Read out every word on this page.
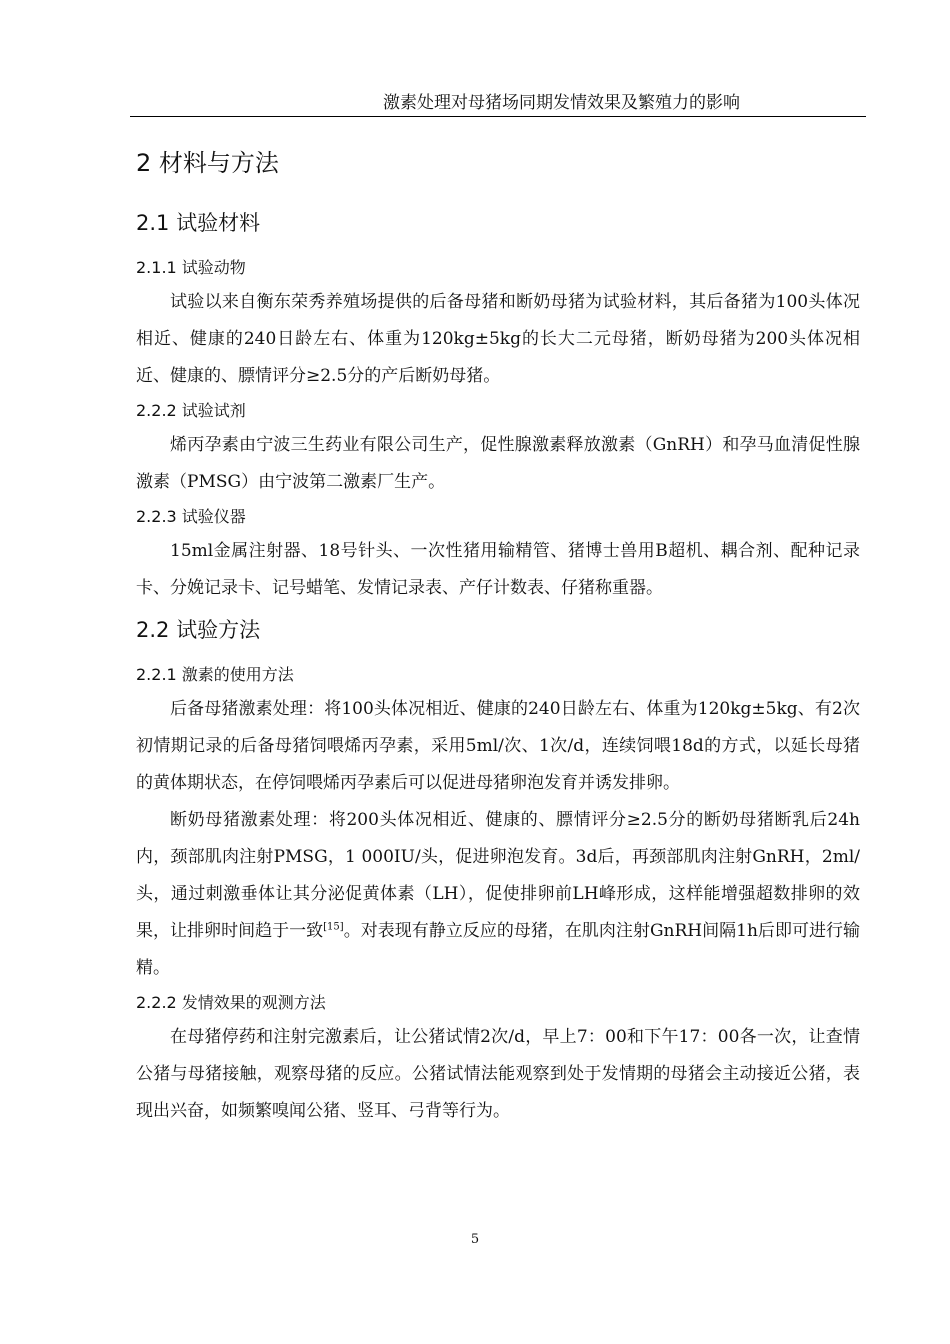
激素处理对母猪场同期发情效果及繁殖力的影响
2 材料与方法
2.1 试验材料
2.1.1 试验动物

试验以来自衡东荣秀养殖场提供的后备母猪和断奶母猪为试验材料，其后备猪为100头体况相近、健康的240日龄左右、体重为120kg±5kg的长大二元母猪，断奶母猪为200头体况相近、健康的、膘情评分≥2.5分的产后断奶母猪。

2.2.2 试验试剂

烯丙孕素由宁波三生药业有限公司生产，促性腺激素释放激素（GnRH）和孕马血清促性腺激素（PMSG）由宁波第二激素厂生产。

2.2.3 试验仪器

15ml金属注射器、18号针头、一次性猪用输精管、猪博士兽用B超机、耦合剂、配种记录卡、分娩记录卡、记号蜡笔、发情记录表、产仔计数表、仔猪称重器。

2.2 试验方法
2.2.1 激素的使用方法

后备母猪激素处理：将100头体况相近、健康的240日龄左右、体重为120kg±5kg、有2次初情期记录的后备母猪饲喂烯丙孕素，采用5ml/次、1次/d，连续饲喂18d的方式，以延长母猪的黄体期状态，在停饲喂烯丙孕素后可以促进母猪卵泡发育并诱发排卵。

断奶母猪激素处理：将200头体况相近、健康的、膘情评分≥2.5分的断奶母猪断乳后24h内，颈部肌肉注射PMSG，1 000IU/头，促进卵泡发育。3d后，再颈部肌肉注射GnRH，2ml/头，通过刺激垂体让其分泌促黄体素（LH），促使排卵前LH峰形成，这样能增强超数排卵的效果，让排卵时间趋于一致[15]。对表现有静立反应的母猪，在肌肉注射GnRH间隔1h后即可进行输精。

2.2.2 发情效果的观测方法

在母猪停药和注射完激素后，让公猪试情2次/d，早上7：00和下午17：00各一次，让查情公猪与母猪接触，观察母猪的反应。公猪试情法能观察到处于发情期的母猪会主动接近公猪，表现出兴奋，如频繁嗅闻公猪、竖耳、弓背等行为。

5
